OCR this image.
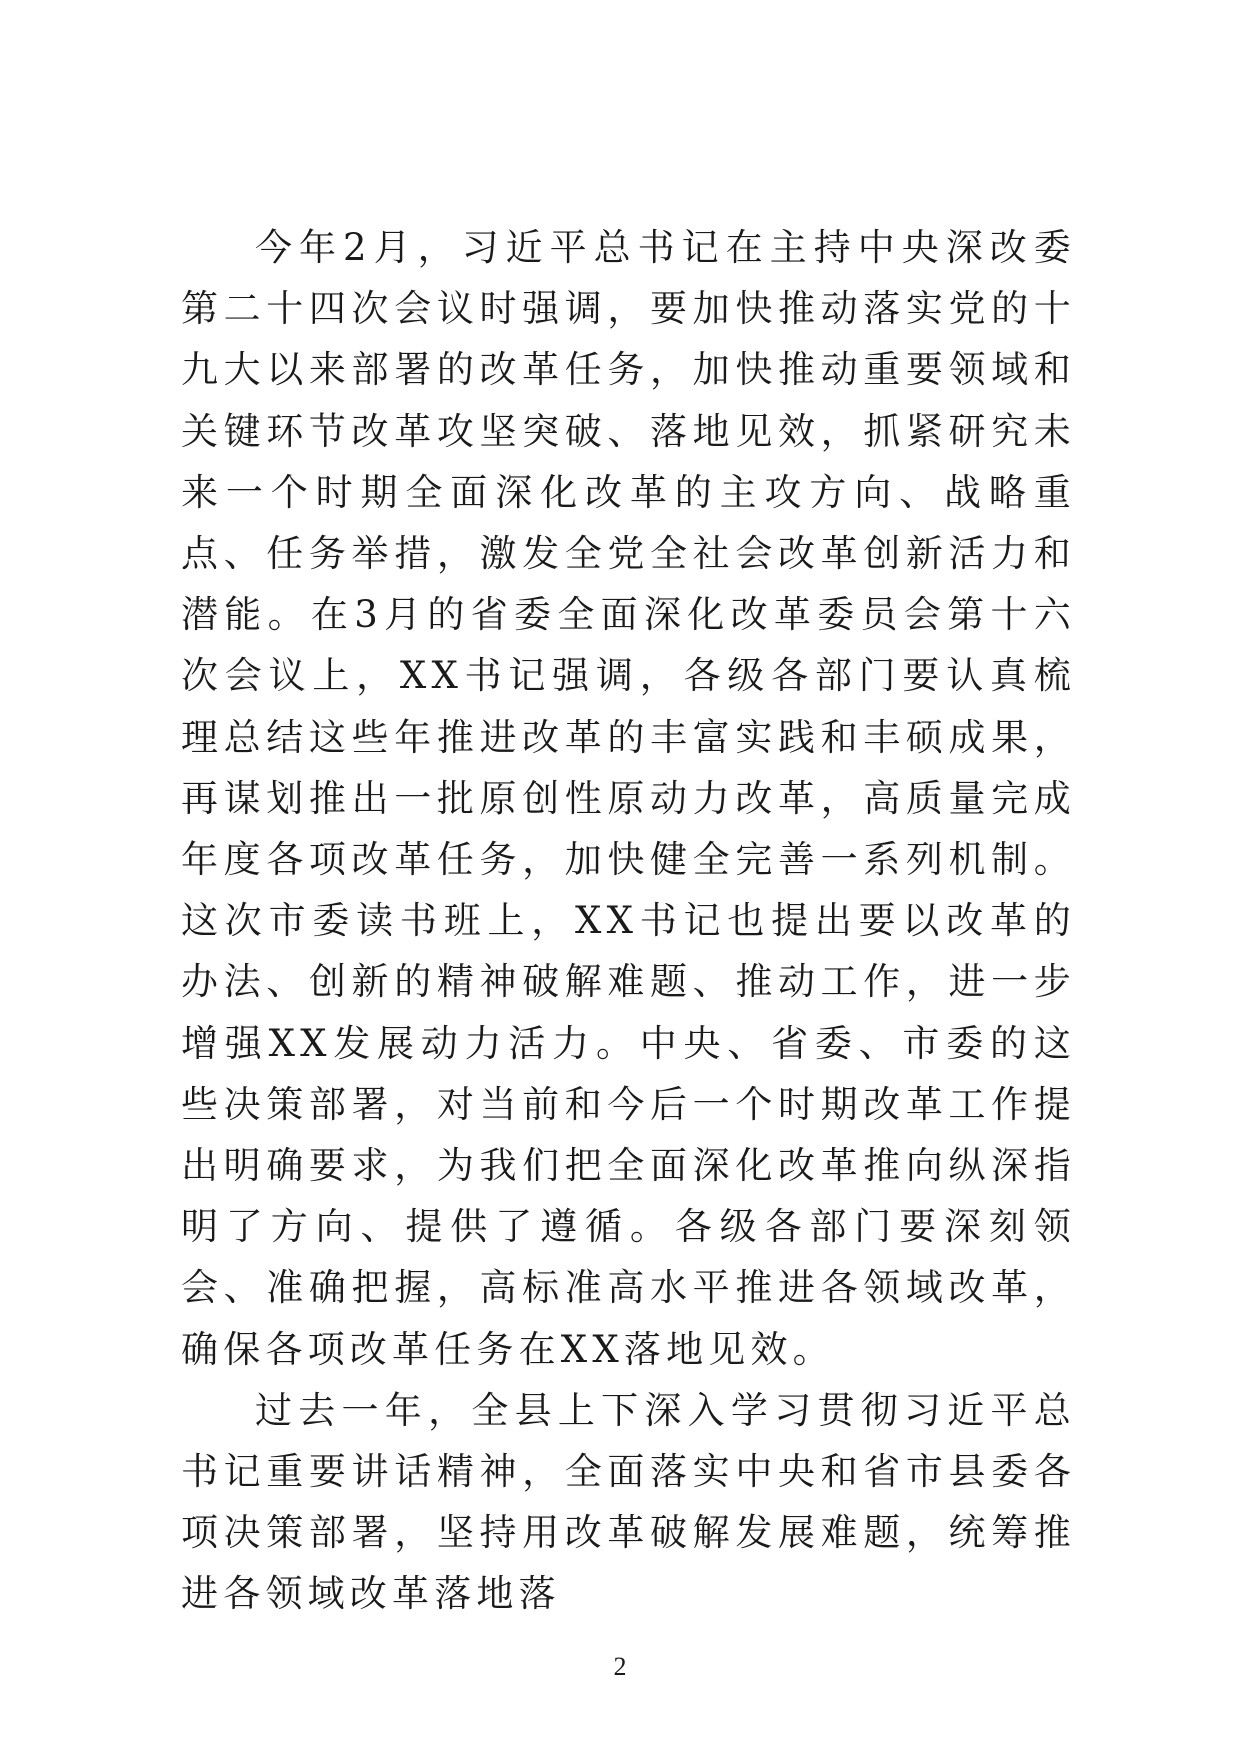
今年2月，习近平总书记在主持中央深改委第二十四次会议时强调，要加快推动落实党的十九大以来部署的改革任务，加快推动重要领域和关键环节改革攻坚突破、落地见效，抓紧研究未来一个时期全面深化改革的主攻方向、战略重点、任务举措，激发全党全社会改革创新活力和潜能。在3月的省委全面深化改革委员会第十六次会议上，XX书记强调，各级各部门要认真梳理总结这些年推进改革的丰富实践和丰硕成果，再谋划推出一批原创性原动力改革，高质量完成年度各项改革任务，加快健全完善一系列机制。这次市委读书班上，XX书记也提出要以改革的办法、创新的精神破解难题、推动工作，进一步增强XX发展动力活力。中央、省委、市委的这些决策部署，对当前和今后一个时期改革工作提出明确要求，为我们把全面深化改革推向纵深指明了方向、提供了遵循。各级各部门要深刻领会、准确把握，高标准高水平推进各领域改革，确保各项改革任务在XX落地见效。

过去一年，全县上下深入学习贯彻习近平总书记重要讲话精神，全面落实中央和省市县委各项决策部署，坚持用改革破解发展难题，统筹推进各领域改革落地落

2
